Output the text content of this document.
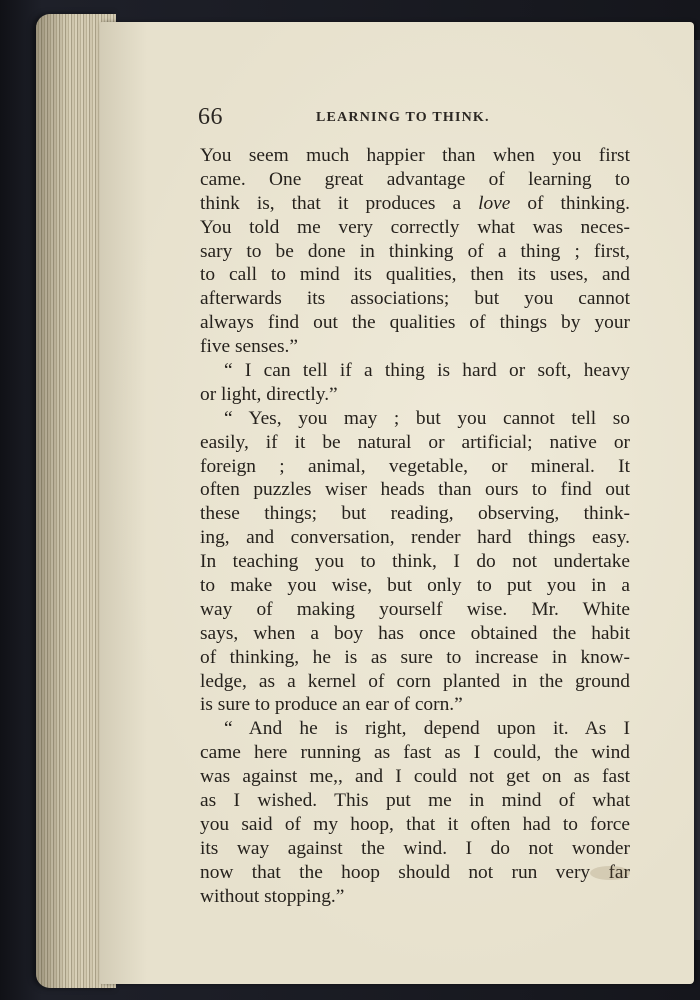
66	LEARNING TO THINK.
You seem much happier than when you first
came. One great advantage of learning to
think is, that it produces a love of thinking.
You told me very correctly what was neces-
sary to be done in thinking of a thing ; first,
to call to mind its qualities, then its uses, and
afterwards its associations; but you cannot
always find out the qualities of things by your
five senses.”
“ I can tell if a thing is hard or soft, heavy
or light, directly.”
“ Yes, you may ; but you cannot tell so
easily, if it be natural or artificial; native or
foreign ; animal, vegetable, or mineral. It
often puzzles wiser heads than ours to find out
these things; but reading, observing, think-
ing, and conversation, render hard things easy.
In teaching you to think, I do not undertake
to make you wise, but only to put you in a
way of making yourself wise. Mr. White
says, when a boy has once obtained the habit
of thinking, he is as sure to increase in know-
ledge, as a kernel of corn planted in the ground
is sure to produce an ear of corn.”
“ And he is right, depend upon it. As I
came here running as fast as I could, the wind
was against me,, and I could not get on as fast
as I wished. This put me in mind of what
you said of my hoop, that it often had to force
its way against the wind. I do not wonder
now that the hoop should not run very far
without stopping.”
